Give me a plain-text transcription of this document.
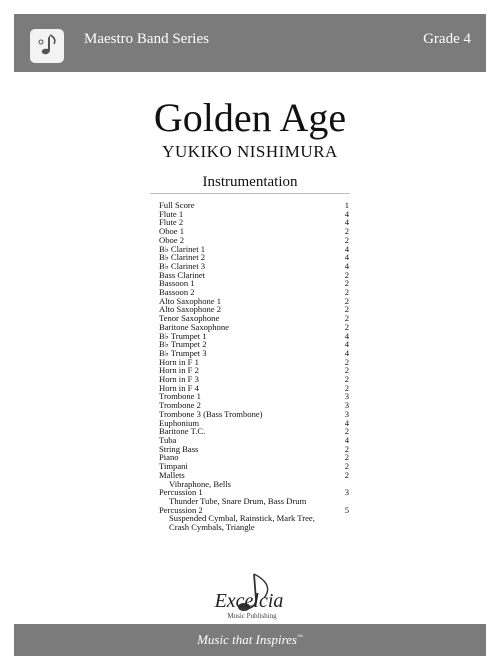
Maestro Band Series	Grade 4
Golden Age
YUKIKO NISHIMURA
Instrumentation
Full Score	1
Flute 1	4
Flute 2	4
Oboe 1	2
Oboe 2	2
B♭ Clarinet 1	4
B♭ Clarinet 2	4
B♭ Clarinet 3	4
Bass Clarinet	2
Bassoon 1	2
Bassoon 2	2
Alto Saxophone 1	2
Alto Saxophone 2	2
Tenor Saxophone	2
Baritone Saxophone	2
B♭ Trumpet 1	4
B♭ Trumpet 2	4
B♭ Trumpet 3	4
Horn in F 1	2
Horn in F 2	2
Horn in F 3	2
Horn in F 4	2
Trombone 1	3
Trombone 2	3
Trombone 3 (Bass Trombone)	3
Euphonium	4
Baritone T.C.	2
Tuba	4
String Bass	2
Piano	2
Timpani	2
Mallets	2
Vibraphone, Bells
Percussion 1	3
Thunder Tube, Snare Drum, Bass Drum
Percussion 2	5
Suspended Cymbal, Rainstick, Mark Tree,
Crash Cymbals, Triangle
Excelcia
Music Publishing
Music that Inspires™
